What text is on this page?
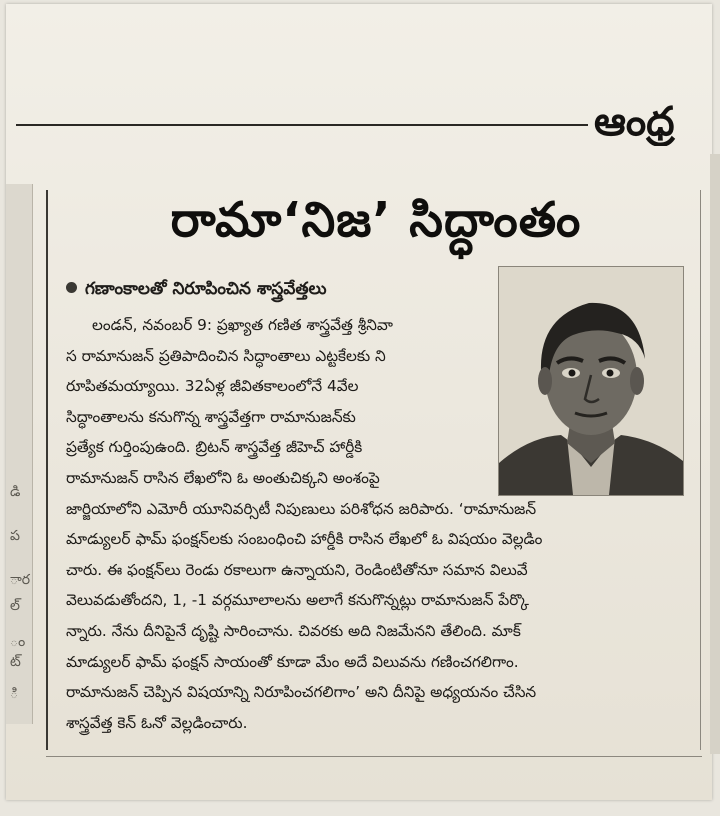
ఆంధ్ర
డి
ప
ార
ల్
ం
ట్
ి
రామా‘నిజ’ సిద్ధాంతం
గణాంకాలతో నిరూపించిన శాస్త్రవేత్తలు
లండన్, నవంబర్ 9: ప్రఖ్యాత గణిత శాస్త్రవేత్త శ్రీనివా
స రామానుజన్ ప్రతిపాదించిన సిద్ధాంతాలు ఎట్టకేలకు ని
రూపితమయ్యాయి. 32ఏళ్ల జీవితకాలంలోనే 4వేల
సిద్ధాంతాలను కనుగొన్న శాస్త్రవేత్తగా రామానుజన్‌కు
ప్రత్యేక గుర్తింపుఉంది. బ్రిటన్ శాస్త్రవేత్త జీహెచ్ హార్డీకి
రామానుజన్ రాసిన లేఖలోని ఓ అంతుచిక్కని అంశంపై
జార్జియాలోని ఎమోరీ యూనివర్సిటీ నిపుణులు పరిశోధన జరిపారు. ‘రామానుజన్
మాడ్యులర్ ఫామ్ ఫంక్షన్‌లకు సంబంధించి హార్డీకి రాసిన లేఖలో ఓ విషయం వెల్లడిం
చారు. ఈ ఫంక్షన్‌లు రెండు రకాలుగా ఉన్నాయని, రెండింటితోనూ సమాన విలువే
వెలువడుతోందని, 1, -1 వర్గమూలాలను అలాగే కనుగొన్నట్లు రామానుజన్ పేర్కొ
న్నారు. నేను దీనిపైనే దృష్టి సారించాను. చివరకు అది నిజమేనని తేలింది. మాక్
మాడ్యులర్ ఫామ్ ఫంక్షన్ సాయంతో కూడా మేం అదే విలువను గణించగలిగాం.
రామానుజన్ చెప్పిన విషయాన్ని నిరూపించగలిగాం’ అని దీనిపై అధ్యయనం చేసిన
శాస్త్రవేత్త కెన్ ఓనో వెల్లడించారు.
